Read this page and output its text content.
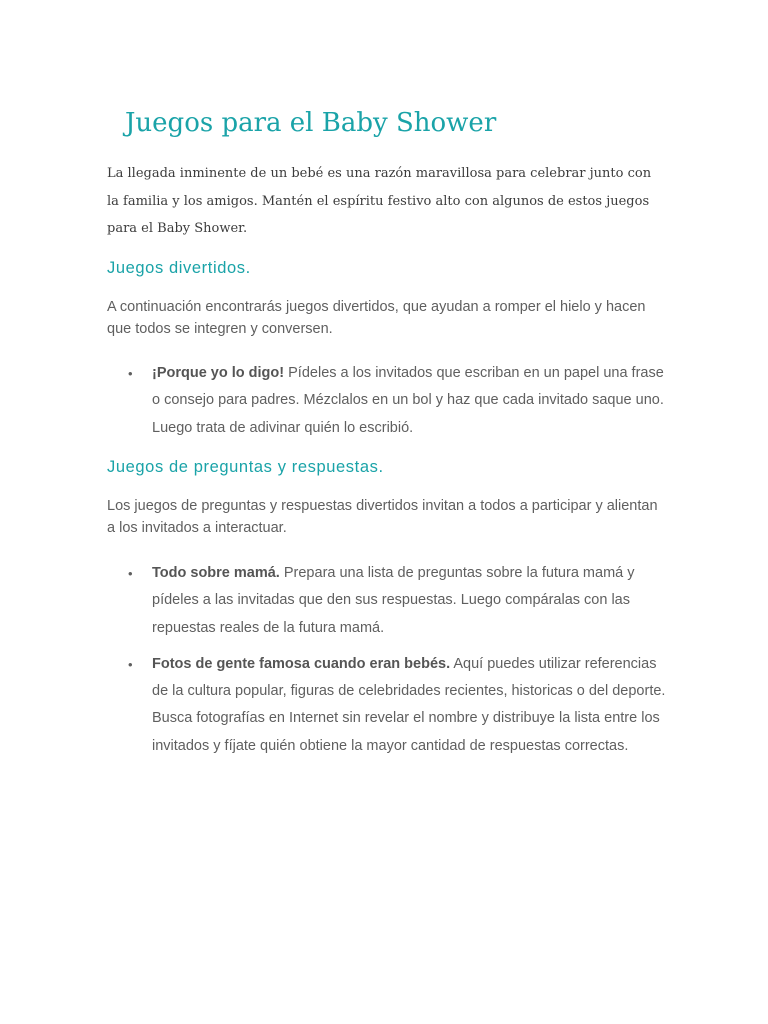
Juegos para el Baby Shower

La llegada inminente de un bebé es una razón maravillosa para celebrar junto con la familia y los amigos. Mantén el espíritu festivo alto con algunos de estos juegos para el Baby Shower.

Juegos divertidos.

A continuación encontrarás juegos divertidos, que ayudan a romper el hielo y hacen que todos se integren y conversen.

• ¡Porque yo lo digo! Pídeles a los invitados que escriban en un papel una frase o consejo para padres. Mézclalos en un bol y haz que cada invitado saque uno. Luego trata de adivinar quién lo escribió.
Juegos de preguntas y respuestas.

Los juegos de preguntas y respuestas divertidos invitan a todos a participar y alientan a los invitados a interactuar.

• Todo sobre mamá. Prepara una lista de preguntas sobre la futura mamá y pídeles a las invitadas que den sus respuestas. Luego compáralas con las repuestas reales de la futura mamá.
• Fotos de gente famosa cuando eran bebés. Aquí puedes utilizar referencias de la cultura popular, figuras de celebridades recientes, historicas o del deporte. Busca fotografías en Internet sin revelar el nombre y distribuye la lista entre los invitados y fíjate quién obtiene la mayor cantidad de respuestas correctas.
